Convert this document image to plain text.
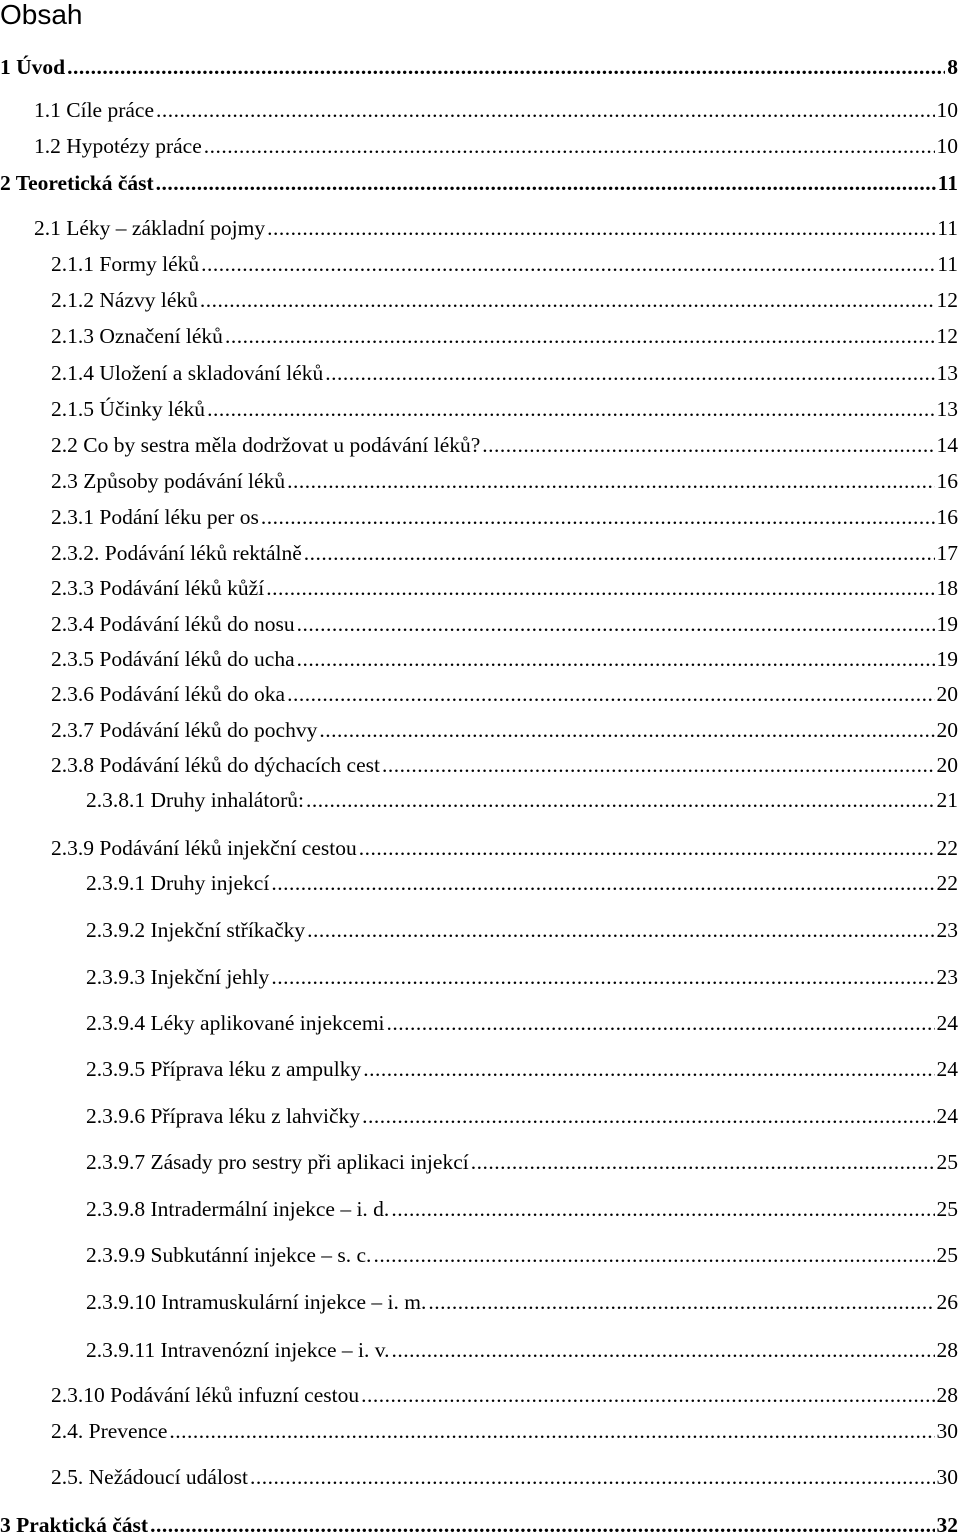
Obsah
1 Úvod .....	8
1.1 Cíle práce .....	10
1.2 Hypotézy práce .....	10
2 Teoretická část .....	11
2.1 Léky – základní pojmy .....	11
2.1.1 Formy léků .....	11
2.1.2 Názvy léků .....	12
2.1.3 Označení léků .....	12
2.1.4 Uložení a skladování léků .....	13
2.1.5 Účinky léků .....	13
2.2 Co by sestra měla dodržovat u podávání léků? .....	14
2.3 Způsoby podávání léků .....	16
2.3.1 Podání léku per os .....	16
2.3.2. Podávání léků rektálně .....	17
2.3.3 Podávání léků kůží .....	18
2.3.4 Podávání léků do nosu .....	19
2.3.5 Podávání léků do ucha .....	19
2.3.6 Podávání léků do oka .....	20
2.3.7 Podávání léků do pochvy .....	20
2.3.8 Podávání léků do dýchacích cest .....	20
2.3.8.1 Druhy inhalátorů: .....	21
2.3.9 Podávání léků injekční cestou .....	22
2.3.9.1 Druhy injekcí .....	22
2.3.9.2 Injekční stříkačky .....	23
2.3.9.3 Injekční jehly .....	23
2.3.9.4 Léky aplikované injekcemi .....	24
2.3.9.5 Příprava léku z ampulky .....	24
2.3.9.6 Příprava léku z lahvičky .....	24
2.3.9.7 Zásady pro sestry při aplikaci injekcí .....	25
2.3.9.8 Intradermální injekce – i. d. .....	25
2.3.9.9 Subkutánní injekce – s. c. .....	25
2.3.9.10 Intramuskulární injekce – i. m. .....	26
2.3.9.11 Intravenózní injekce – i. v. .....	28
2.3.10 Podávání léků infuzní cestou .....	28
2.4. Prevence .....	30
2.5. Nežádoucí událost .....	30
3 Praktická část .....	32
